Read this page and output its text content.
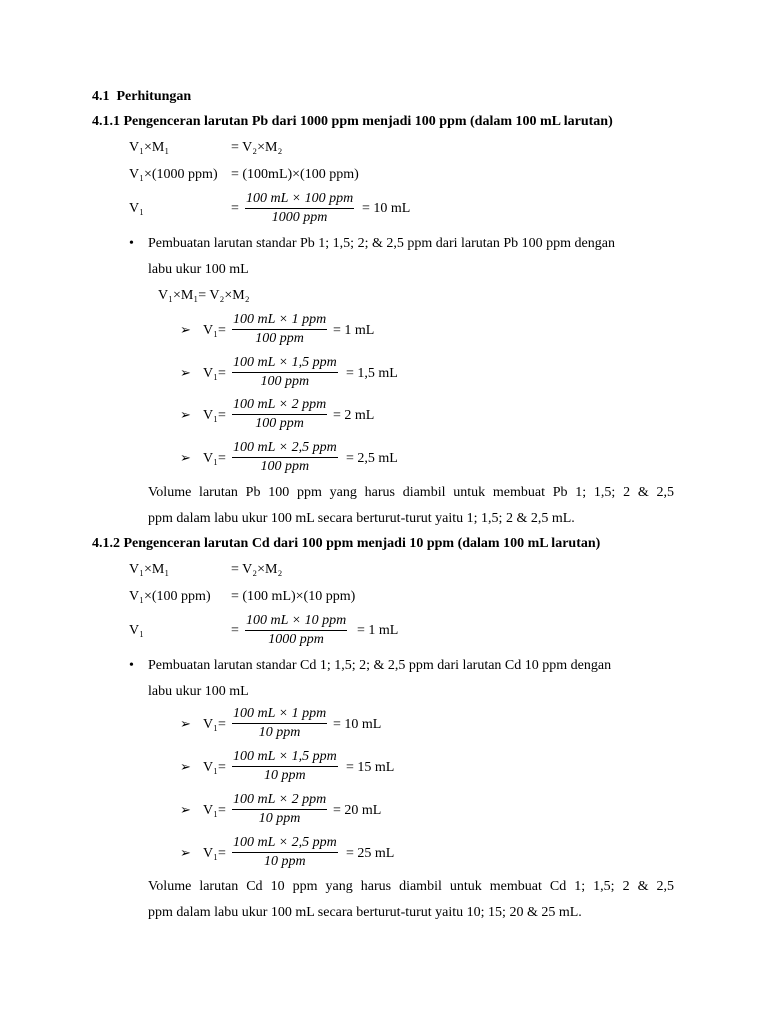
4.1 Perhitungan
4.1.1 Pengenceran larutan Pb dari 1000 ppm menjadi 100 ppm (dalam 100 mL larutan)
V₁×M₁	= V₂×M₂
V₁×(1000 ppm) = (100mL)×(100 ppm)
V₁	=
100 mL × 100 ppm
1000 ppm
= 10 mL
• Pembuatan larutan standar Pb 1; 1,5; 2; & 2,5 ppm dari larutan Pb 100 ppm dengan
labu ukur 100 mL
V₁×M₁= V₂×M₂
➢ V₁=
100 mL × 1 ppm
100 ppm
= 1 mL
➢ V₁=
100 mL × 1,5 ppm
100 ppm
= 1,5 mL
➢ V₁=
100 mL × 2 ppm
100 ppm
= 2 mL
➢ V₁=
100 mL × 2,5 ppm
100 ppm
= 2,5 mL
Volume larutan Pb 100 ppm yang harus diambil untuk membuat Pb 1; 1,5; 2 & 2,5
ppm dalam labu ukur 100 mL secara berturut-turut yaitu 1; 1,5; 2 & 2,5 mL.
4.1.2 Pengenceran larutan Cd dari 100 ppm menjadi 10 ppm (dalam 100 mL larutan)
V₁×M₁	= V₂×M₂
V₁×(100 ppm) = (100 mL)×(10 ppm)
V₁	=
100 mL × 10 ppm
1000 ppm
= 1 mL
• Pembuatan larutan standar Cd 1; 1,5; 2; & 2,5 ppm dari larutan Cd 10 ppm dengan
labu ukur 100 mL
➢ V₁=
100 mL × 1 ppm
10 ppm
= 10 mL
➢ V₁=
100 mL × 1,5 ppm
10 ppm
= 15 mL
➢ V₁=
100 mL × 2 ppm
10 ppm
= 20 mL
➢ V₁=
100 mL × 2,5 ppm
10 ppm
= 25 mL
Volume larutan Cd 10 ppm yang harus diambil untuk membuat Cd 1; 1,5; 2 & 2,5
ppm dalam labu ukur 100 mL secara berturut-turut yaitu 10; 15; 20 & 25 mL.
